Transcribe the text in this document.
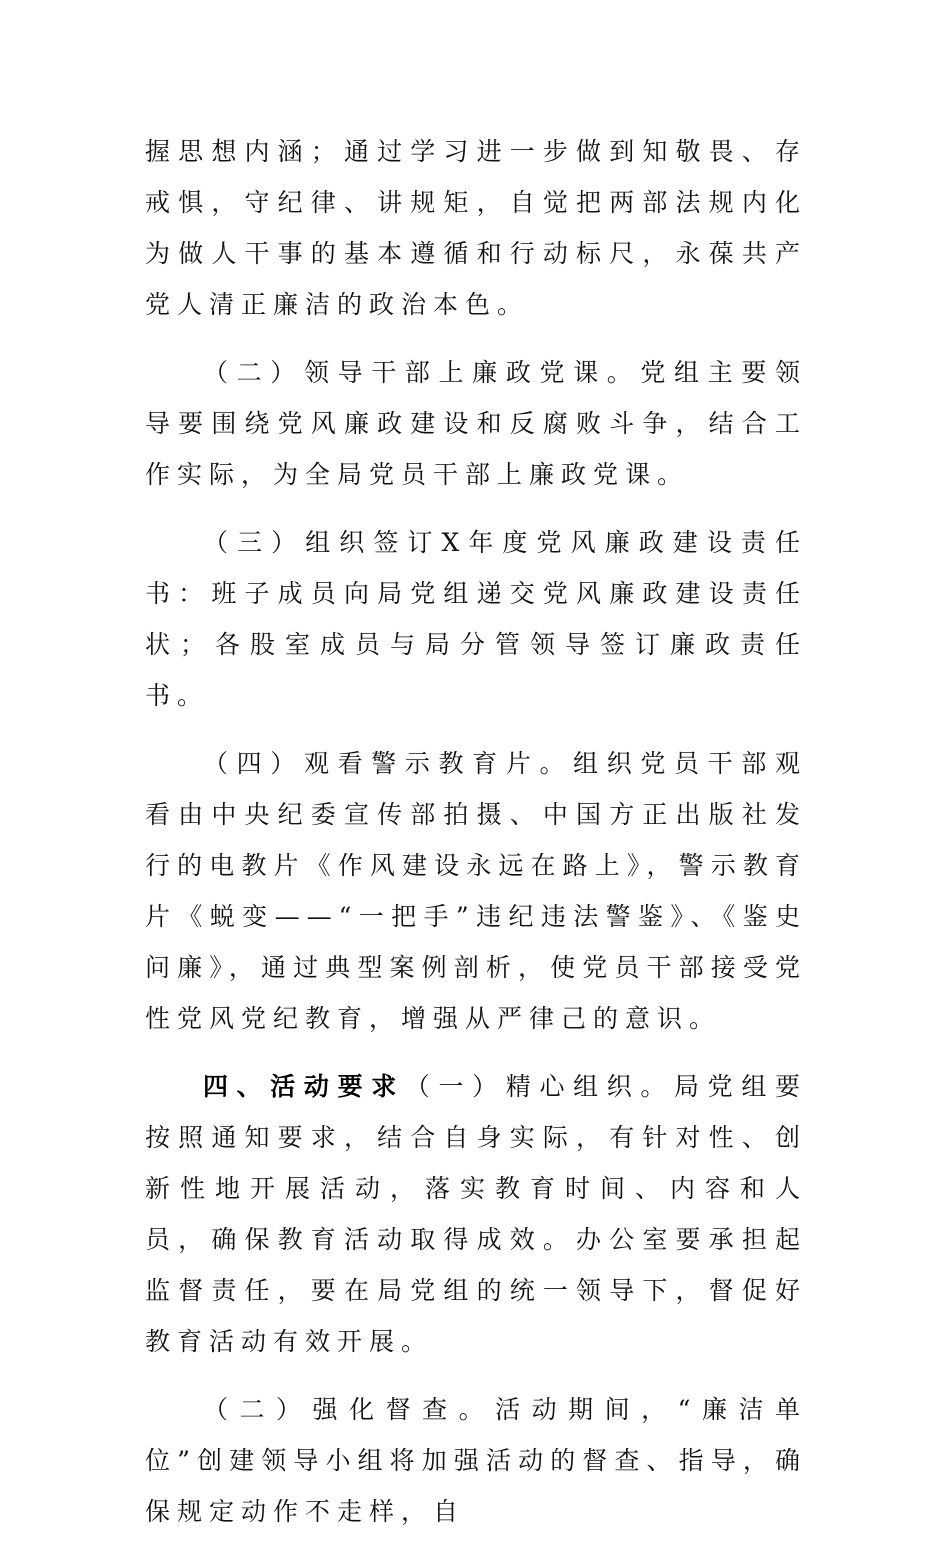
握思想内涵；通过学习进一步做到知敬畏、存戒惧，守纪律、讲规矩，自觉把两部法规内化为做人干事的基本遵循和行动标尺，永葆共产党人清正廉洁的政治本色。

（二）领导干部上廉政党课。党组主要领导要围绕党风廉政建设和反腐败斗争，结合工作实际，为全局党员干部上廉政党课。

（三）组织签订X年度党风廉政建设责任书：班子成员向局党组递交党风廉政建设责任状；各股室成员与局分管领导签订廉政责任书。

（四）观看警示教育片。组织党员干部观看由中央纪委宣传部拍摄、中国方正出版社发行的电教片《作风建设永远在路上》，警示教育片《蜕变——“一把手”违纪违法警鉴》、《鉴史问廉》，通过典型案例剖析，使党员干部接受党性党风党纪教育，增强从严律己的意识。

四、活动要求（一）精心组织。局党组要按照通知要求，结合自身实际，有针对性、创新性地开展活动，落实教育时间、内容和人员，确保教育活动取得成效。办公室要承担起监督责任，要在局党组的统一领导下，督促好教育活动有效开展。

（二）强化督查。活动期间，“廉洁单位”创建领导小组将加强活动的督查、指导，确保规定动作不走样，自
